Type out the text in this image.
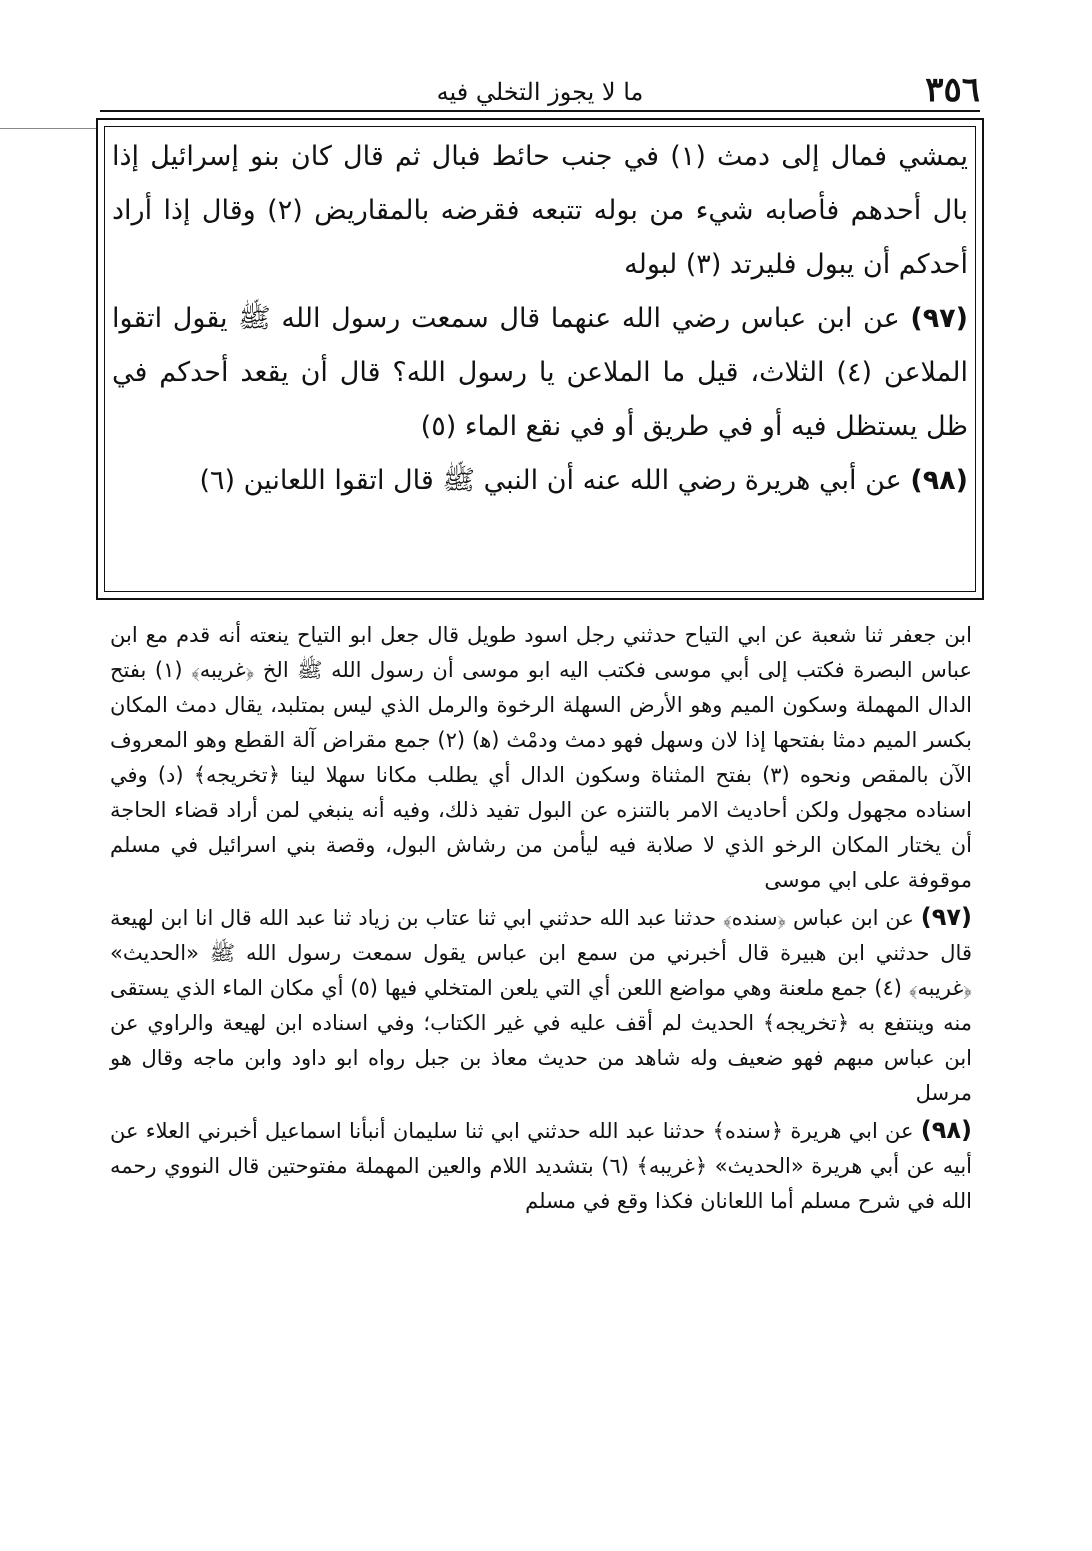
٣٥٦
ما لا يجوز التخلي فيه

يمشي فمال إلى دمث (١) في جنب حائط فبال ثم قال كان بنو إسرائيل إذا بال أحدهم فأصابه شيء من بوله تتبعه فقرضه بالمقاريض (٢) وقال إذا أراد أحدكم أن يبول فليرتد (٣) لبوله

(٩٧) عن ابن عباس رضي الله عنهما قال سمعت رسول الله ﷺ يقول اتقوا الملاعن (٤) الثلاث، قيل ما الملاعن يا رسول الله؟ قال أن يقعد أحدكم في ظل يستظل فيه أو في طريق أو في نقع الماء (٥)

(٩٨) عن أبي هريرة رضي الله عنه أن النبي ﷺ قال اتقوا اللعانين (٦)

ابن جعفر ثنا شعبة عن ابي التياح حدثني رجل اسود طويل قال جعل ابو التياح ينعته أنه قدم مع ابن عباس البصرة فكتب إلى أبي موسى فكتب اليه ابو موسى أن رسول الله ﷺ الخ ﴿غريبه﴾ (١) بفتح الدال المهملة وسكون الميم وهو الأرض السهلة الرخوة والرمل الذي ليس بمتلبد، يقال دمث المكان بكسر الميم دمثا بفتحها إذا لان وسهل فهو دمث ودمْث (ﻫ) (٢) جمع مقراض آلة القطع وهو المعروف الآن بالمقص ونحوه (٣) بفتح المثناة وسكون الدال أي يطلب مكانا سهلا لينا ﴿تخريجه﴾ (د) وفي اسناده مجهول ولكن أحاديث الامر بالتنزه عن البول تفيد ذلك، وفيه أنه ينبغي لمن أراد قضاء الحاجة أن يختار المكان الرخو الذي لا صلابة فيه ليأمن من رشاش البول، وقصة بني اسرائيل في مسلم موقوفة على ابي موسى

(٩٧) عن ابن عباس ﴿سنده﴾ حدثنا عبد الله حدثني ابي ثنا عتاب بن زياد ثنا عبد الله قال انا ابن لهيعة قال حدثني ابن هبيرة قال أخبرني من سمع ابن عباس يقول سمعت رسول الله ﷺ «الحديث» ﴿غريبه﴾ (٤) جمع ملعنة وهي مواضع اللعن أي التي يلعن المتخلي فيها (٥) أي مكان الماء الذي يستقى منه وينتفع به ﴿تخريجه﴾ الحديث لم أقف عليه في غير الكتاب؛ وفي اسناده ابن لهيعة والراوي عن ابن عباس مبهم فهو ضعيف وله شاهد من حديث معاذ بن جبل رواه ابو داود وابن ماجه وقال هو مرسل

(٩٨) عن ابي هريرة ﴿سنده﴾ حدثنا عبد الله حدثني ابي ثنا سليمان أنبأنا اسماعيل أخبرني العلاء عن أبيه عن أبي هريرة «الحديث» ﴿غريبه﴾ (٦) بتشديد اللام والعين المهملة مفتوحتين قال النووي رحمه الله في شرح مسلم أما اللعانان فكذا وقع في مسلم
